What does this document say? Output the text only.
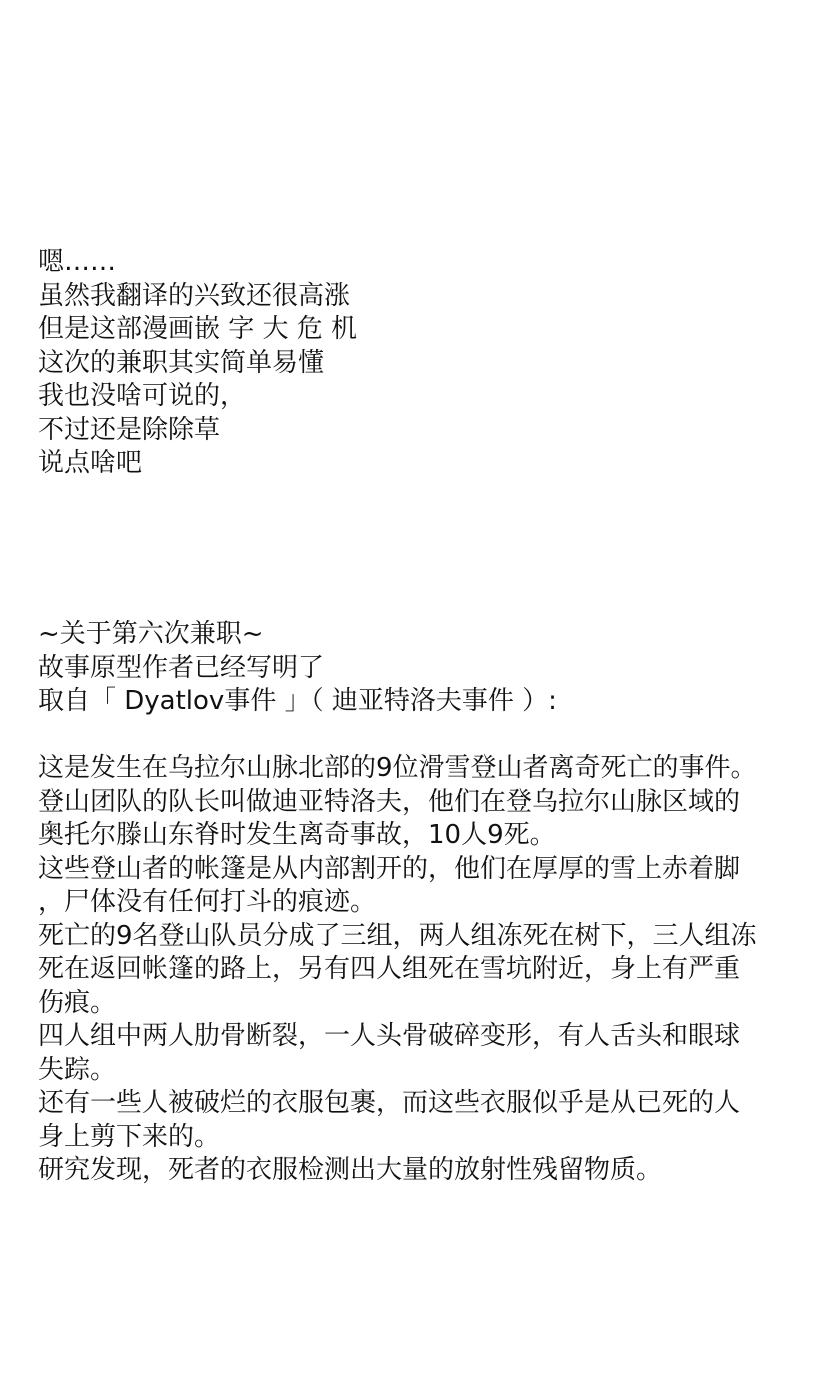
嗯……
虽然我翻译的兴致还很高涨
但是这部漫画嵌 字 大 危 机
这次的兼职其实简单易懂
我也没啥可说的，
不过还是除除草
说点啥吧
~关于第六次兼职~
故事原型作者已经写明了
取自「 Dyatlov事件 」（ 迪亚特洛夫事件 ）:
这是发生在乌拉尔山脉北部的9位滑雪登山者离奇死亡的事件。
登山团队的队长叫做迪亚特洛夫，他们在登乌拉尔山脉区域的
奥托尔滕山东脊时发生离奇事故，10人9死。
这些登山者的帐篷是从内部割开的，他们在厚厚的雪上赤着脚
，尸体没有任何打斗的痕迹。
死亡的9名登山队员分成了三组，两人组冻死在树下，三人组冻
死在返回帐篷的路上，另有四人组死在雪坑附近，身上有严重
伤痕。
四人组中两人肋骨断裂，一人头骨破碎变形，有人舌头和眼球
失踪。
还有一些人被破烂的衣服包裹，而这些衣服似乎是从已死的人
身上剪下来的。
研究发现，死者的衣服检测出大量的放射性残留物质。
